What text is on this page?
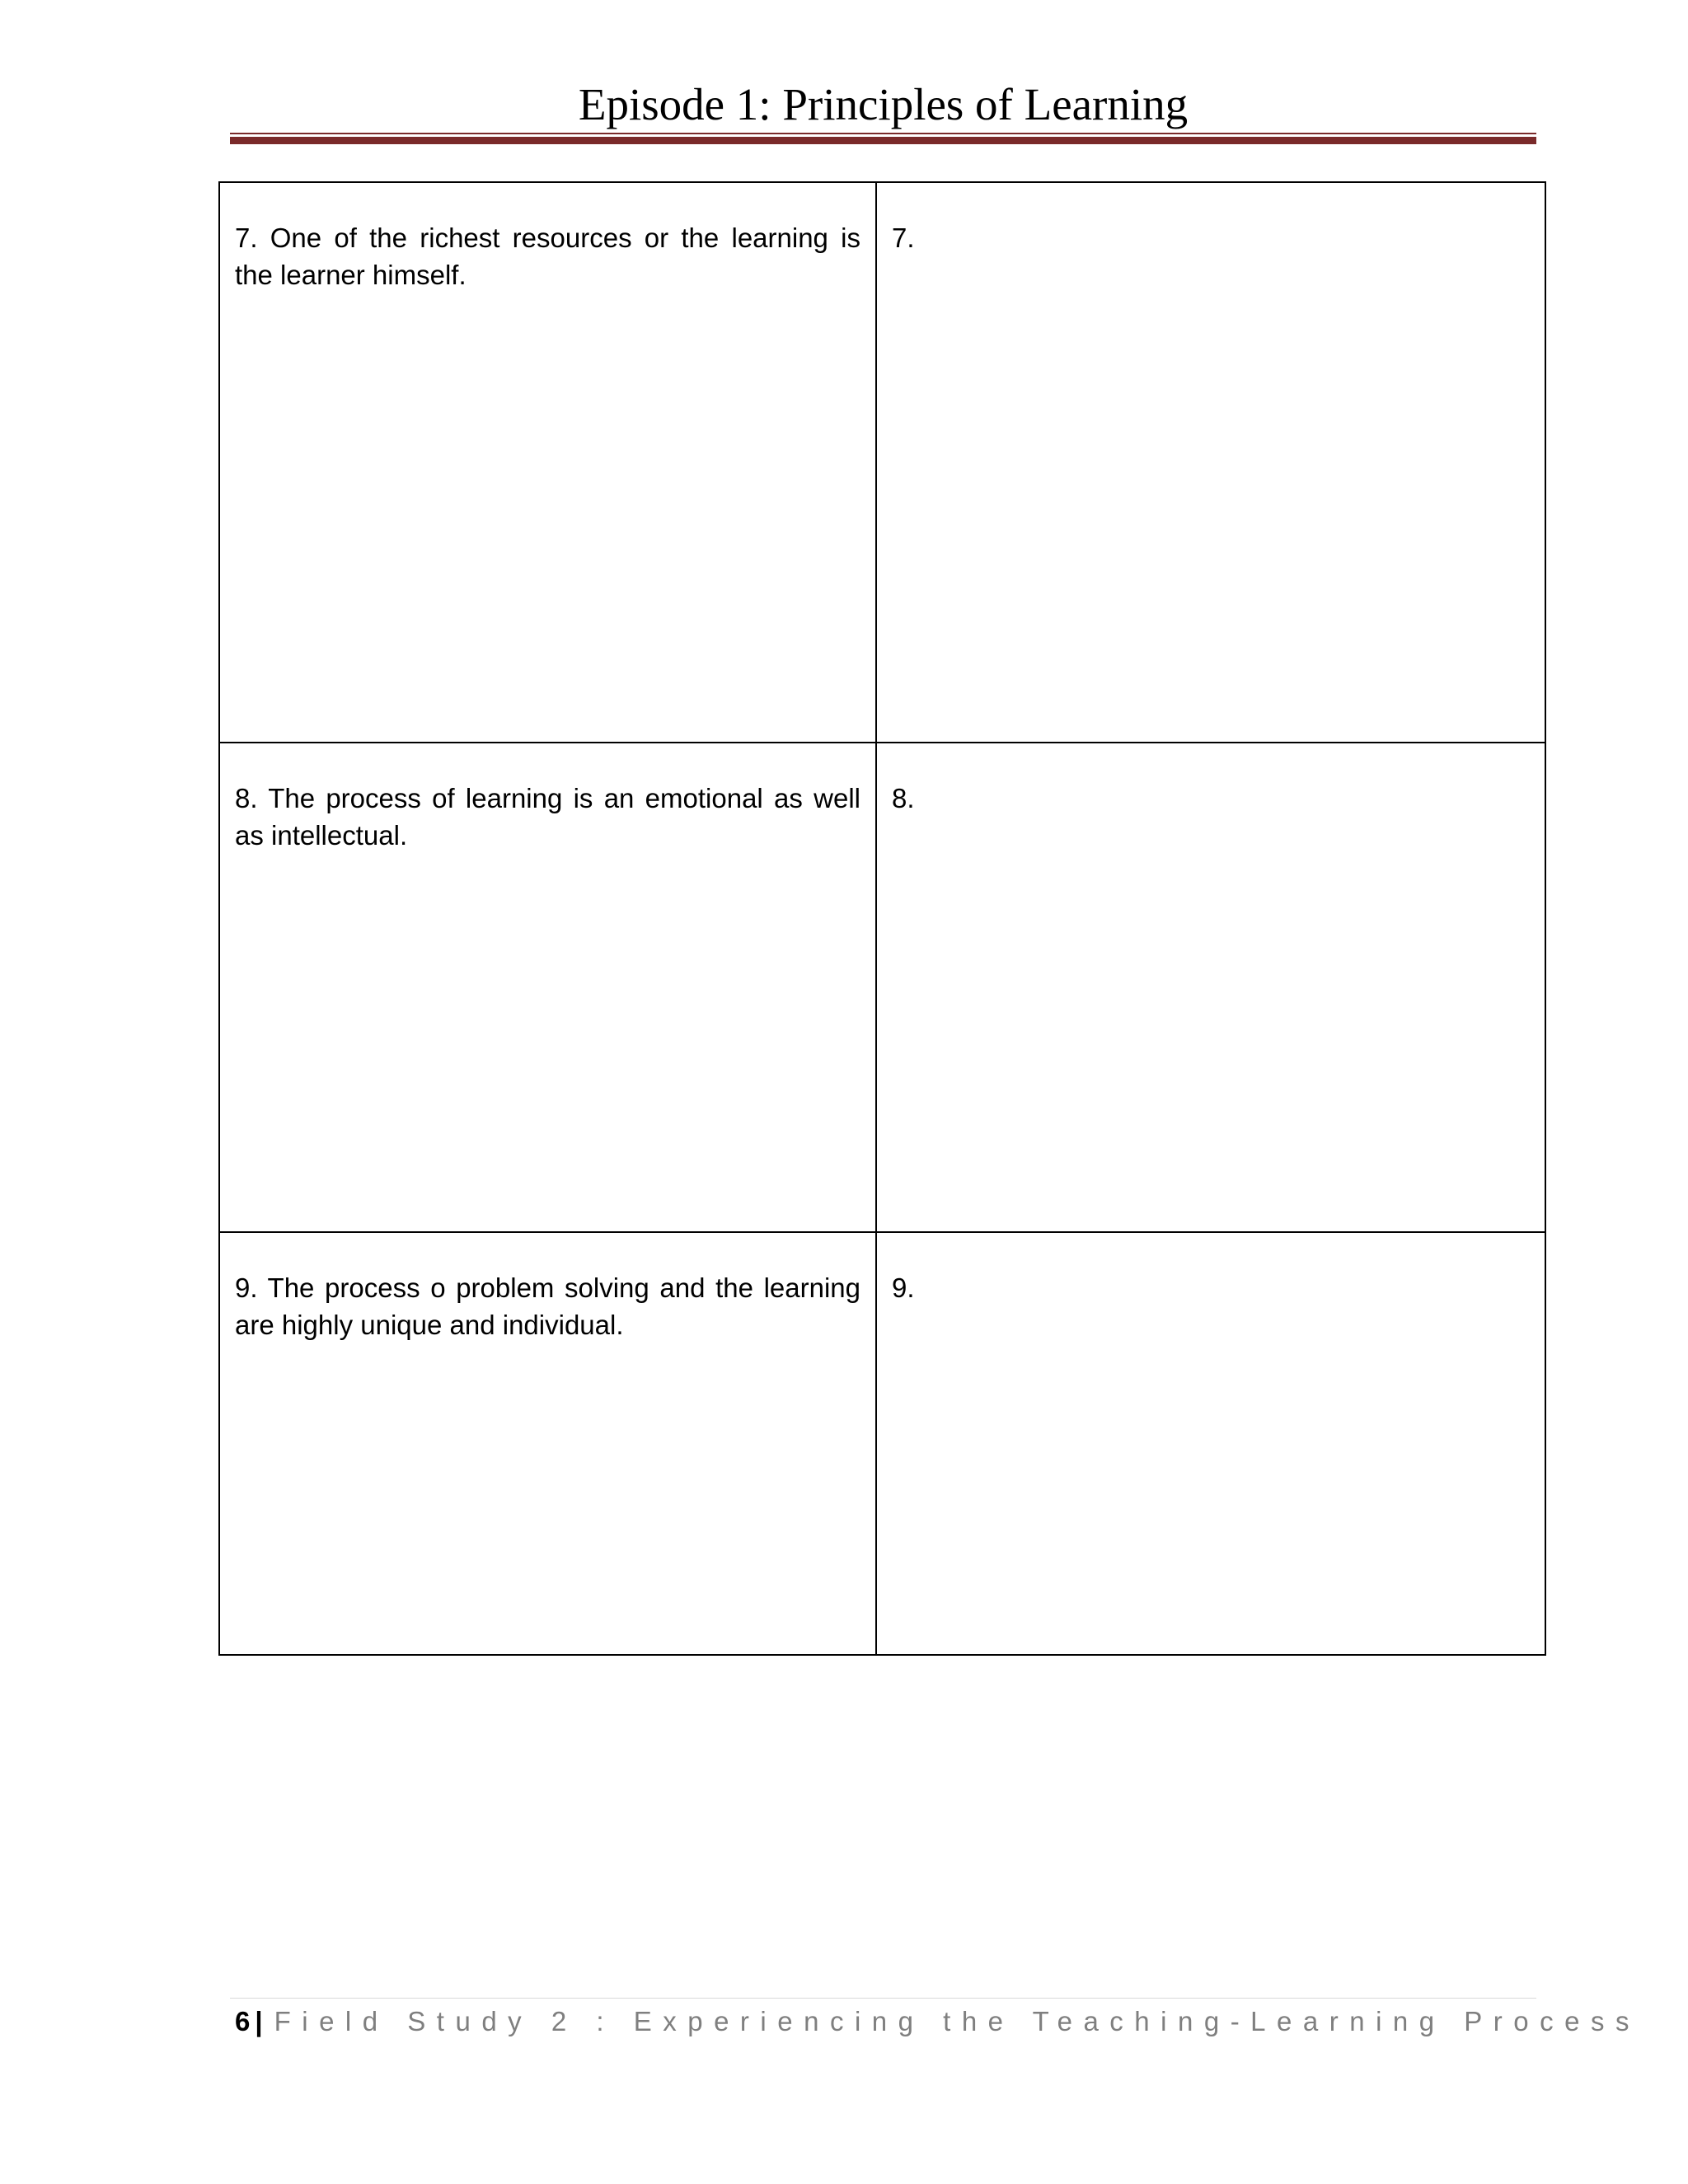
Episode 1: Principles of Learning
7. One of the richest resources or the learning is the learner himself.	7.
8. The process of learning is an emotional as well as intellectual.	8.
9. The process o problem solving and the learning are highly unique and individual.	9.
6 | Field Study 2 : Experiencing the Teaching-Learning Process
